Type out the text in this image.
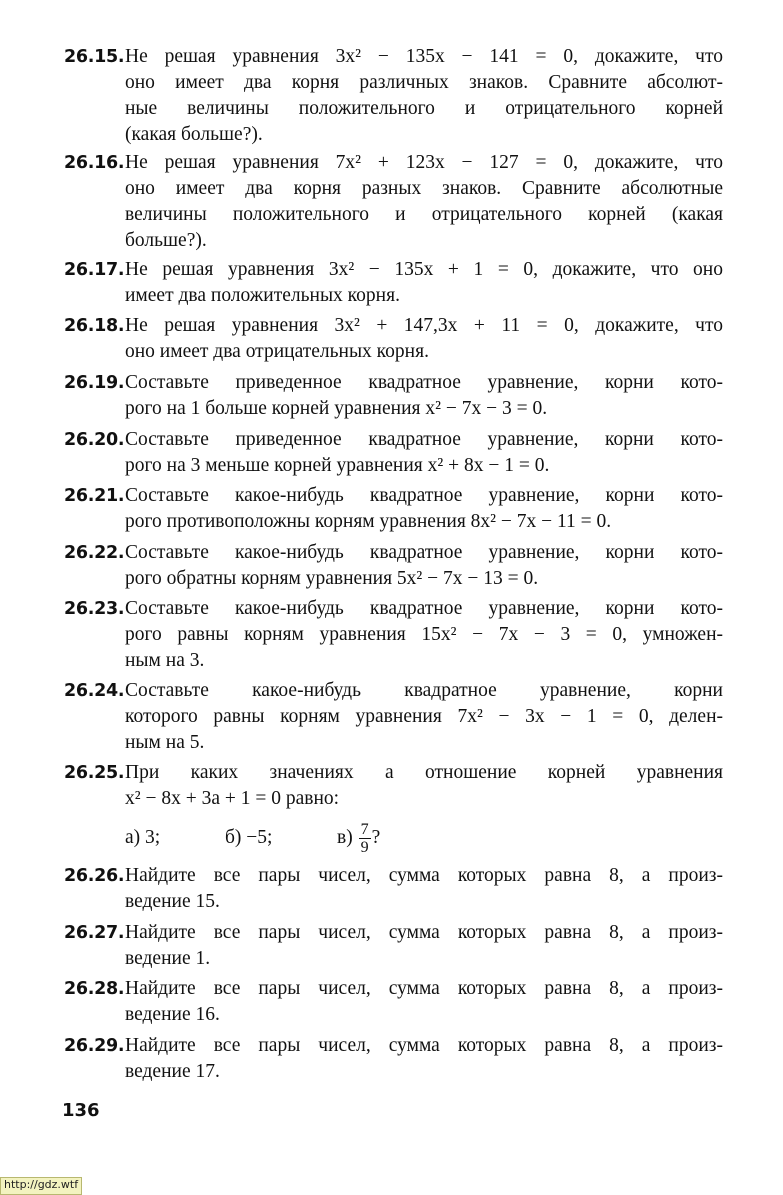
26.15. Не решая уравнения 3x² − 135x − 141 = 0, докажите, что
оно имеет два корня различных знаков. Сравните абсолют-
ные величины положительного и отрицательного корней
(какая больше?).
26.16. Не решая уравнения 7x² + 123x − 127 = 0, докажите, что
оно имеет два корня разных знаков. Сравните абсолютные
величины положительного и отрицательного корней (какая
больше?).
26.17. Не решая уравнения 3x² − 135x + 1 = 0, докажите, что оно
имеет два положительных корня.
26.18. Не решая уравнения 3x² + 147,3x + 11 = 0, докажите, что
оно имеет два отрицательных корня.
26.19. Составьте приведенное квадратное уравнение, корни кото-
рого на 1 больше корней уравнения x² − 7x − 3 = 0.
26.20. Составьте приведенное квадратное уравнение, корни кото-
рого на 3 меньше корней уравнения x² + 8x − 1 = 0.
26.21. Составьте какое-нибудь квадратное уравнение, корни кото-
рого противоположны корням уравнения 8x² − 7x − 11 = 0.
26.22. Составьте какое-нибудь квадратное уравнение, корни кото-
рого обратны корням уравнения 5x² − 7x − 13 = 0.
26.23. Составьте какое-нибудь квадратное уравнение, корни кото-
рого равны корням уравнения 15x² − 7x − 3 = 0, умножен-
ным на 3.
26.24. Составьте какое-нибудь квадратное уравнение, корни
которого равны корням уравнения 7x² − 3x − 1 = 0, делен-
ным на 5.
26.25. При каких значениях a отношение корней уравнения
x² − 8x + 3a + 1 = 0 равно:
а) 3;	б) −5;	$в) \frac{7}{9}$ ?
26.26. Найдите все пары чисел, сумма которых равна 8, а произ-
ведение 15.
26.27. Найдите все пары чисел, сумма которых равна 8, а произ-
ведение 1.
26.28. Найдите все пары чисел, сумма которых равна 8, а произ-
ведение 16.
26.29. Найдите все пары чисел, сумма которых равна 8, а произ-
ведение 17.
136
http://gdz.wtf
